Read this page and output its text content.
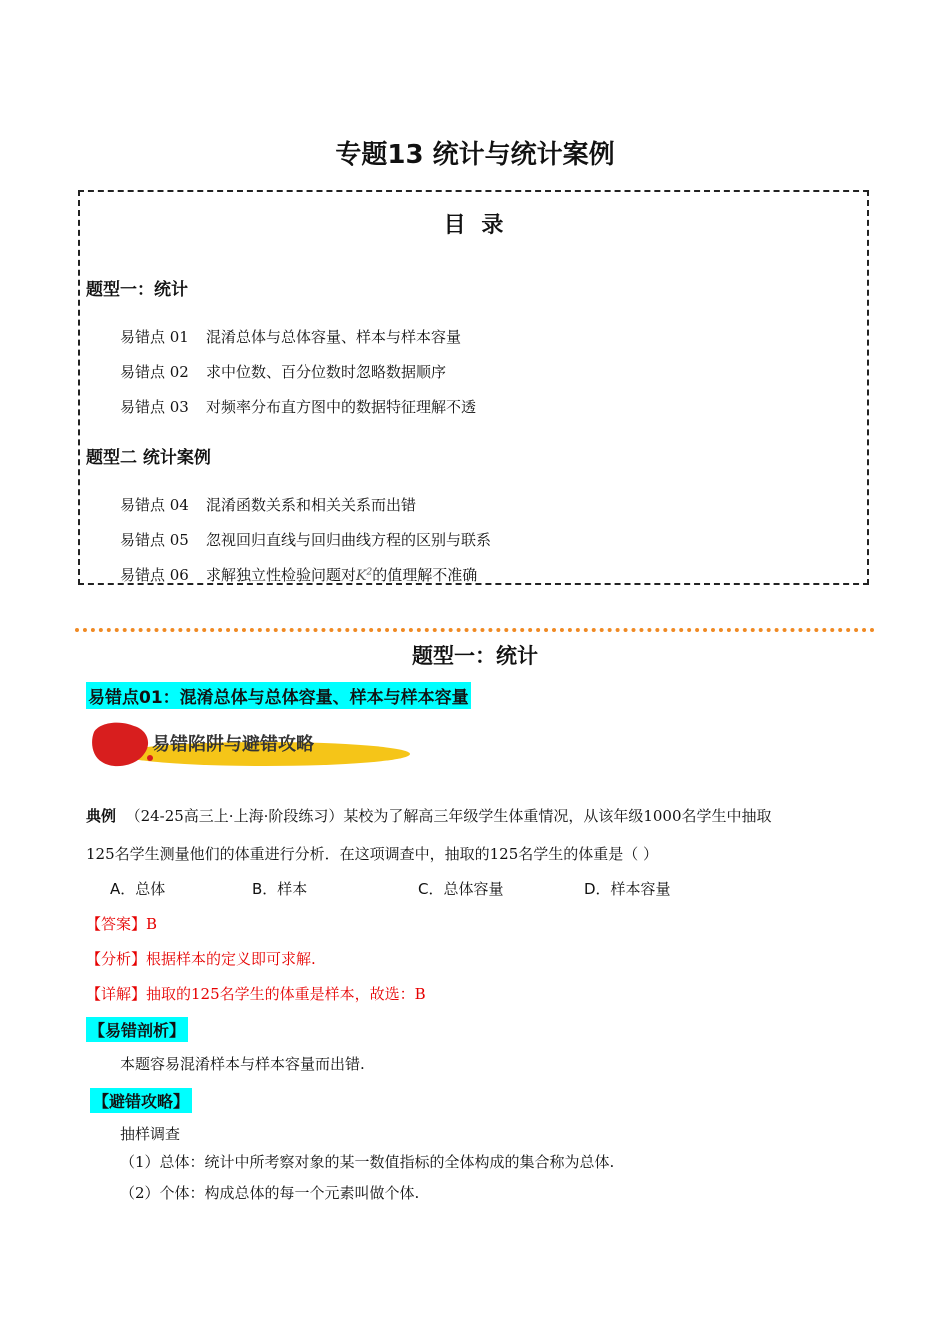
专题13 统计与统计案例
目 录
题型一：统计
易错点 01 混淆总体与总体容量、样本与样本容量
易错点 02 求中位数、百分位数时忽略数据顺序
易错点 03 对频率分布直方图中的数据特征理解不透
题型二 统计案例
易错点 04 混淆函数关系和相关关系而出错
易错点 05 忽视回归直线与回归曲线方程的区别与联系
易错点 06 求解独立性检验问题对$K^2$的值理解不准确
题型一：统计
易错点01：混淆总体与总体容量、样本与样本容量
易错陷阱与避错攻略
典例 （24-25高三上·上海·阶段练习）某校为了解高三年级学生体重情况，从该年级1000名学生中抽取
125名学生测量他们的体重进行分析．在这项调查中，抽取的125名学生的体重是（ ）
A．总体	B．样本	C．总体容量	D．样本容量
【答案】B
【分析】根据样本的定义即可求解.
【详解】抽取的125名学生的体重是样本，故选：B
【易错剖析】
本题容易混淆样本与样本容量而出错.
【避错攻略】
抽样调查
（1）总体：统计中所考察对象的某一数值指标的全体构成的集合称为总体.
（2）个体：构成总体的每一个元素叫做个体.
